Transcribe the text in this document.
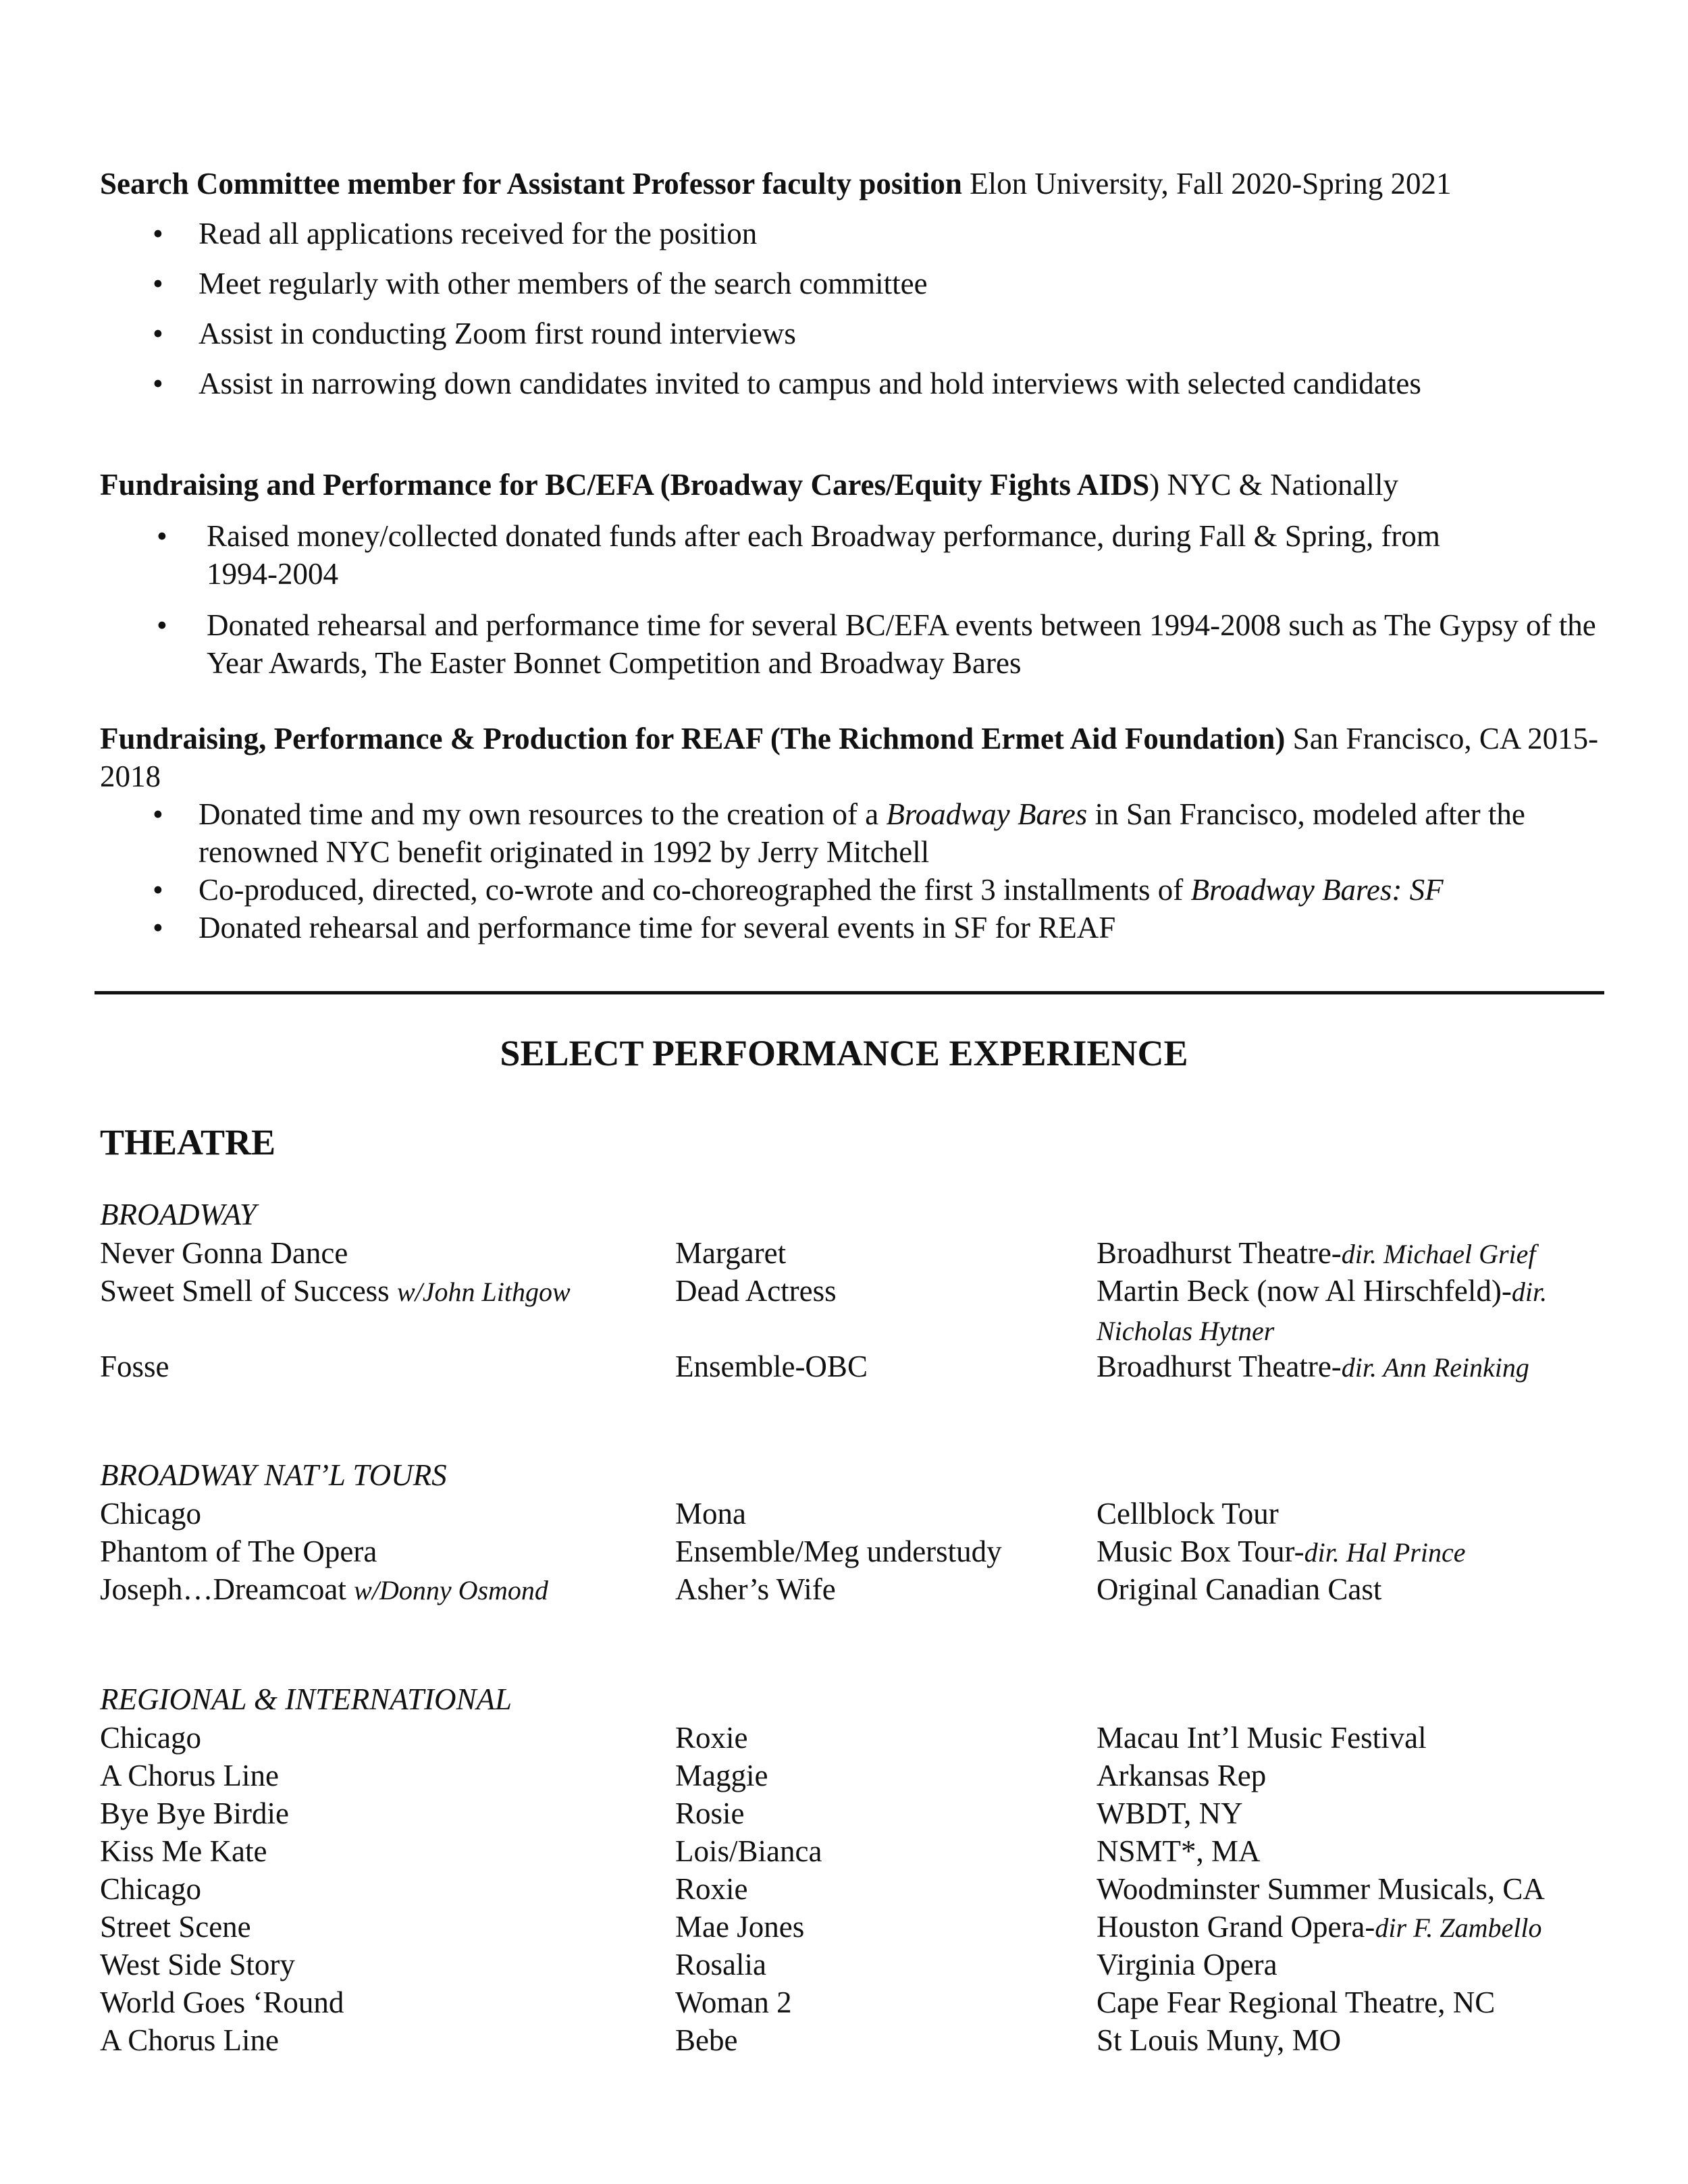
Search Committee member for Assistant Professor faculty position Elon University, Fall 2020-Spring 2021
• Read all applications received for the position
• Meet regularly with other members of the search committee
• Assist in conducting Zoom first round interviews
• Assist in narrowing down candidates invited to campus and hold interviews with selected candidates
Fundraising and Performance for BC/EFA (Broadway Cares/Equity Fights AIDS) NYC & Nationally
• Raised money/collected donated funds after each Broadway performance, during Fall & Spring, from 1994-2004
• Donated rehearsal and performance time for several BC/EFA events between 1994-2008 such as The Gypsy of the Year Awards, The Easter Bonnet Competition and Broadway Bares
Fundraising, Performance & Production for REAF (The Richmond Ermet Aid Foundation) San Francisco, CA 2015-2018
• Donated time and my own resources to the creation of a Broadway Bares in San Francisco, modeled after the renowned NYC benefit originated in 1992 by Jerry Mitchell
• Co-produced, directed, co-wrote and co-choreographed the first 3 installments of Broadway Bares: SF
• Donated rehearsal and performance time for several events in SF for REAF
SELECT PERFORMANCE EXPERIENCE
THEATRE
BROADWAY
Never Gonna Dance	Margaret	Broadhurst Theatre-dir. Michael Grief
Sweet Smell of Success w/John Lithgow	Dead Actress	Martin Beck (now Al Hirschfeld)-dir. Nicholas Hytner
Fosse	Ensemble-OBC	Broadhurst Theatre-dir. Ann Reinking
BROADWAY NAT’L TOURS
Chicago	Mona	Cellblock Tour
Phantom of The Opera	Ensemble/Meg understudy	Music Box Tour-dir. Hal Prince
Joseph…Dreamcoat w/Donny Osmond	Asher’s Wife	Original Canadian Cast
REGIONAL & INTERNATIONAL
Chicago	Roxie	Macau Int’l Music Festival
A Chorus Line	Maggie	Arkansas Rep
Bye Bye Birdie	Rosie	WBDT, NY
Kiss Me Kate	Lois/Bianca	NSMT*, MA
Chicago	Roxie	Woodminster Summer Musicals, CA
Street Scene	Mae Jones	Houston Grand Opera-dir F. Zambello
West Side Story	Rosalia	Virginia Opera
World Goes ‘Round	Woman 2	Cape Fear Regional Theatre, NC
A Chorus Line	Bebe	St Louis Muny, MO
